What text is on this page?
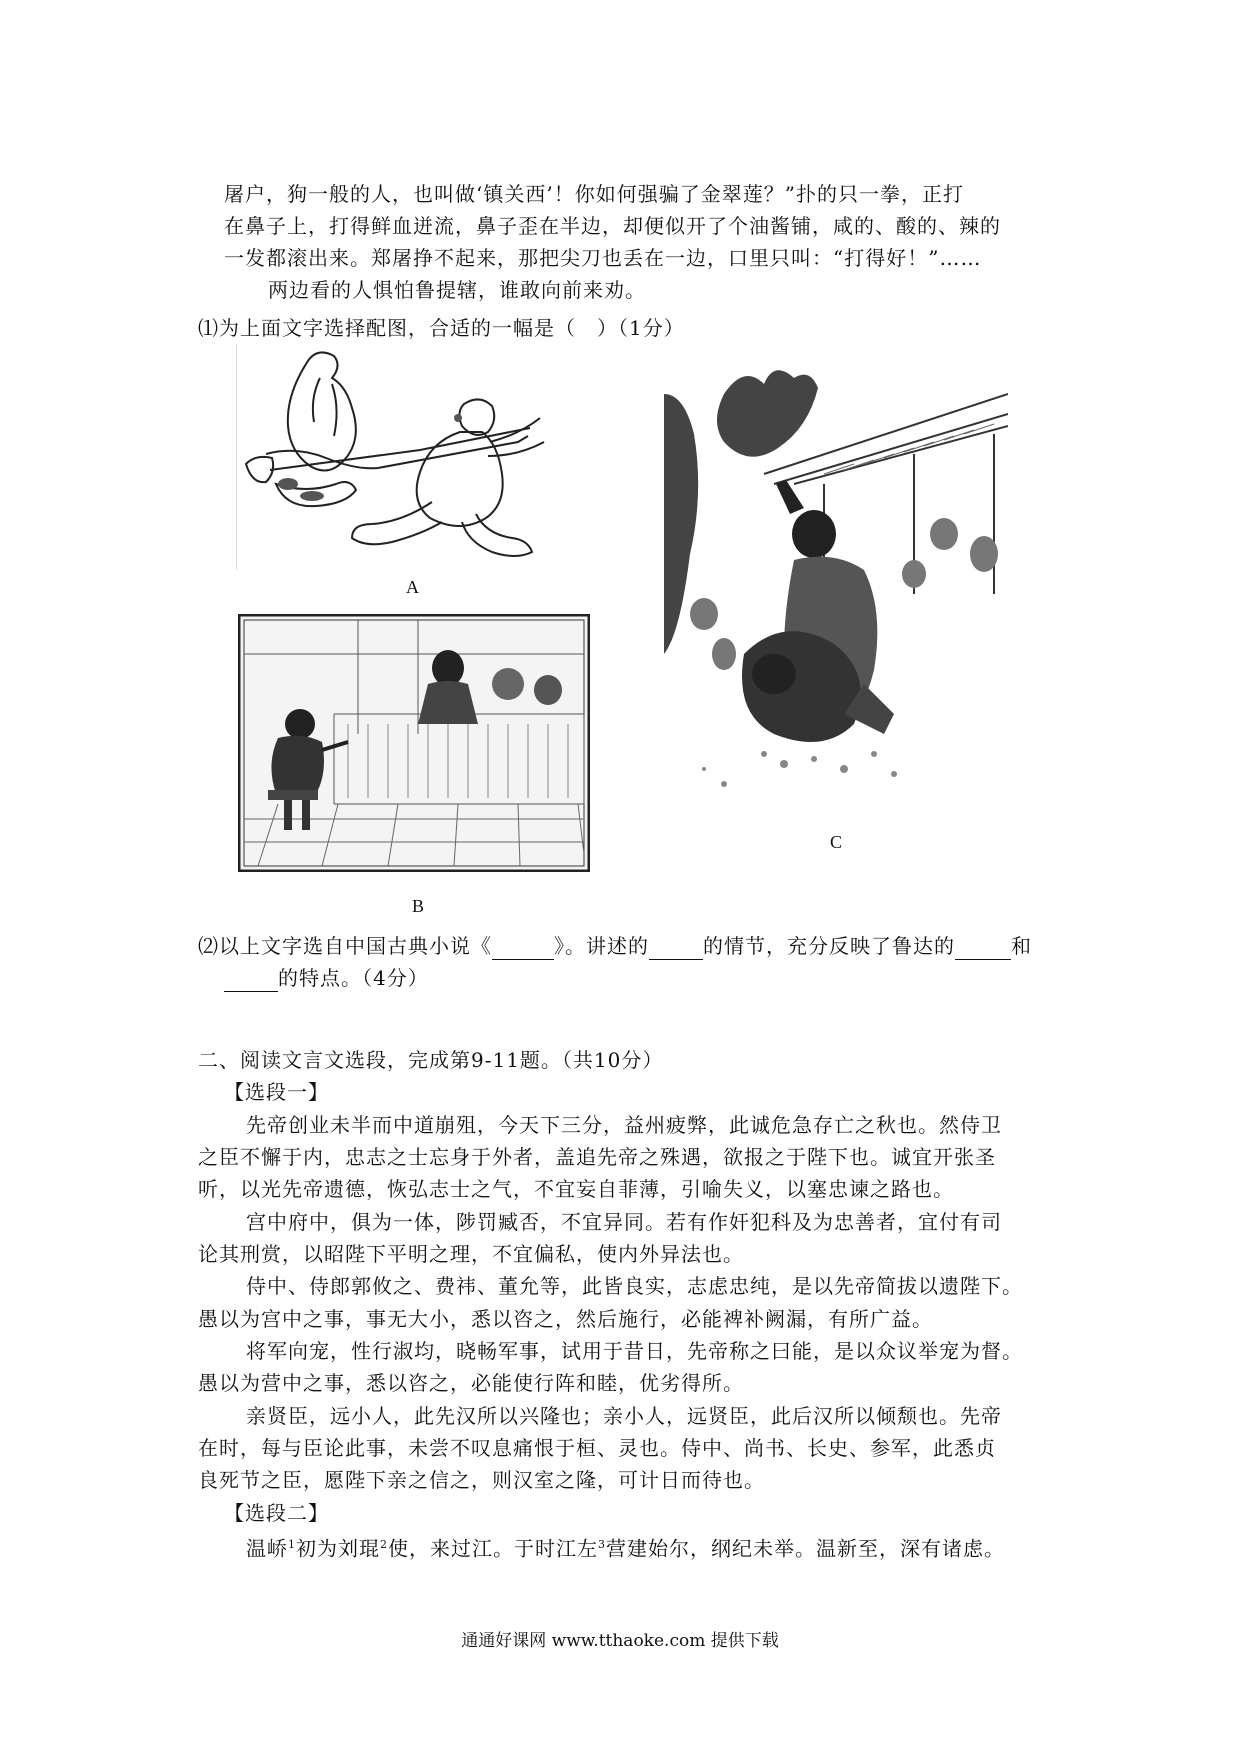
屠户，狗一般的人，也叫做‘镇关西’！你如何强骗了金翠莲？”扑的只一拳，正打
在鼻子上，打得鲜血迸流，鼻子歪在半边，却便似开了个油酱铺，咸的、酸的、辣的
一发都滚出来。郑屠挣不起来，那把尖刀也丢在一边，口里只叫：“打得好！”……
两边看的人惧怕鲁提辖，谁敢向前来劝。
⑴为上面文字选择配图，合适的一幅是（　）（1分）
A
B
C
⑵以上文字选自中国古典小说《	》。讲述的	的情节，充分反映了鲁达的	和
的特点。（4分）
二、阅读文言文选段，完成第9-11题。（共10分）
【选段一】
先帝创业未半而中道崩殂，今天下三分，益州疲弊，此诚危急存亡之秋也。然侍卫
之臣不懈于内，忠志之士忘身于外者，盖追先帝之殊遇，欲报之于陛下也。诚宜开张圣
听，以光先帝遗德，恢弘志士之气，不宜妄自菲薄，引喻失义，以塞忠谏之路也。
宫中府中，俱为一体，陟罚臧否，不宜异同。若有作奸犯科及为忠善者，宜付有司
论其刑赏，以昭陛下平明之理，不宜偏私，使内外异法也。
侍中、侍郎郭攸之、费祎、董允等，此皆良实，志虑忠纯，是以先帝简拔以遗陛下。
愚以为宫中之事，事无大小，悉以咨之，然后施行，必能裨补阙漏，有所广益。
将军向宠，性行淑均，晓畅军事，试用于昔日，先帝称之曰能，是以众议举宠为督。
愚以为营中之事，悉以咨之，必能使行阵和睦，优劣得所。
亲贤臣，远小人，此先汉所以兴隆也；亲小人，远贤臣，此后汉所以倾颓也。先帝
在时，每与臣论此事，未尝不叹息痛恨于桓、灵也。侍中、尚书、长史、参军，此悉贞
良死节之臣，愿陛下亲之信之，则汉室之隆，可计日而待也。
【选段二】
温峤$^1$初为刘琨$^2$使，来过江。于时江左$^3$营建始尔，纲纪未举。温新至，深有诸虑。
通通好课网 www.tthaoke.com 提供下载
